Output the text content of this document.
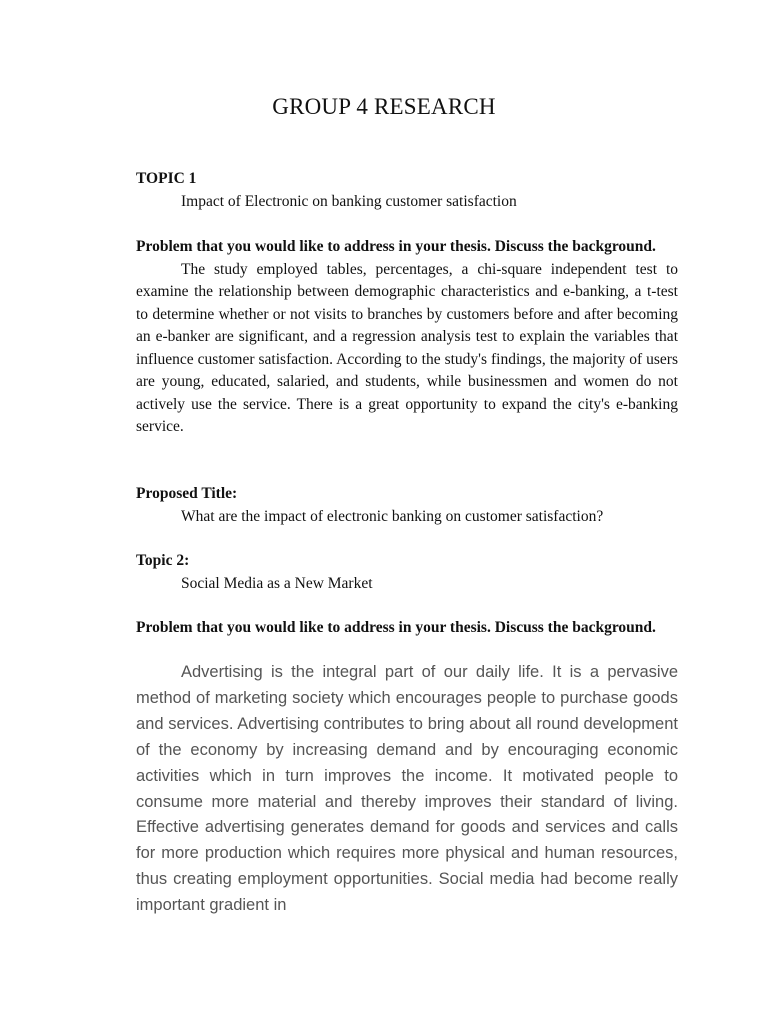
GROUP 4 RESEARCH
TOPIC 1
Impact of Electronic on banking customer satisfaction
Problem that you would like to address in your thesis. Discuss the background.
The study employed tables, percentages, a chi-square independent test to examine the relationship between demographic characteristics and e-banking, a t-test to determine whether or not visits to branches by customers before and after becoming an e-banker are significant, and a regression analysis test to explain the variables that influence customer satisfaction. According to the study's findings, the majority of users are young, educated, salaried, and students, while businessmen and women do not actively use the service. There is a great opportunity to expand the city's e-banking service.
Proposed Title:
What are the impact of electronic banking on customer satisfaction?
Topic 2:
Social Media as a New Market
Problem that you would like to address in your thesis. Discuss the background.
Advertising is the integral part of our daily life. It is a pervasive method of marketing society which encourages people to purchase goods and services. Advertising contributes to bring about all round development of the economy by increasing demand and by encouraging economic activities which in turn improves the income. It motivated people to consume more material and thereby improves their standard of living. Effective advertising generates demand for goods and services and calls for more production which requires more physical and human resources, thus creating employment opportunities. Social media had become really important gradient in
